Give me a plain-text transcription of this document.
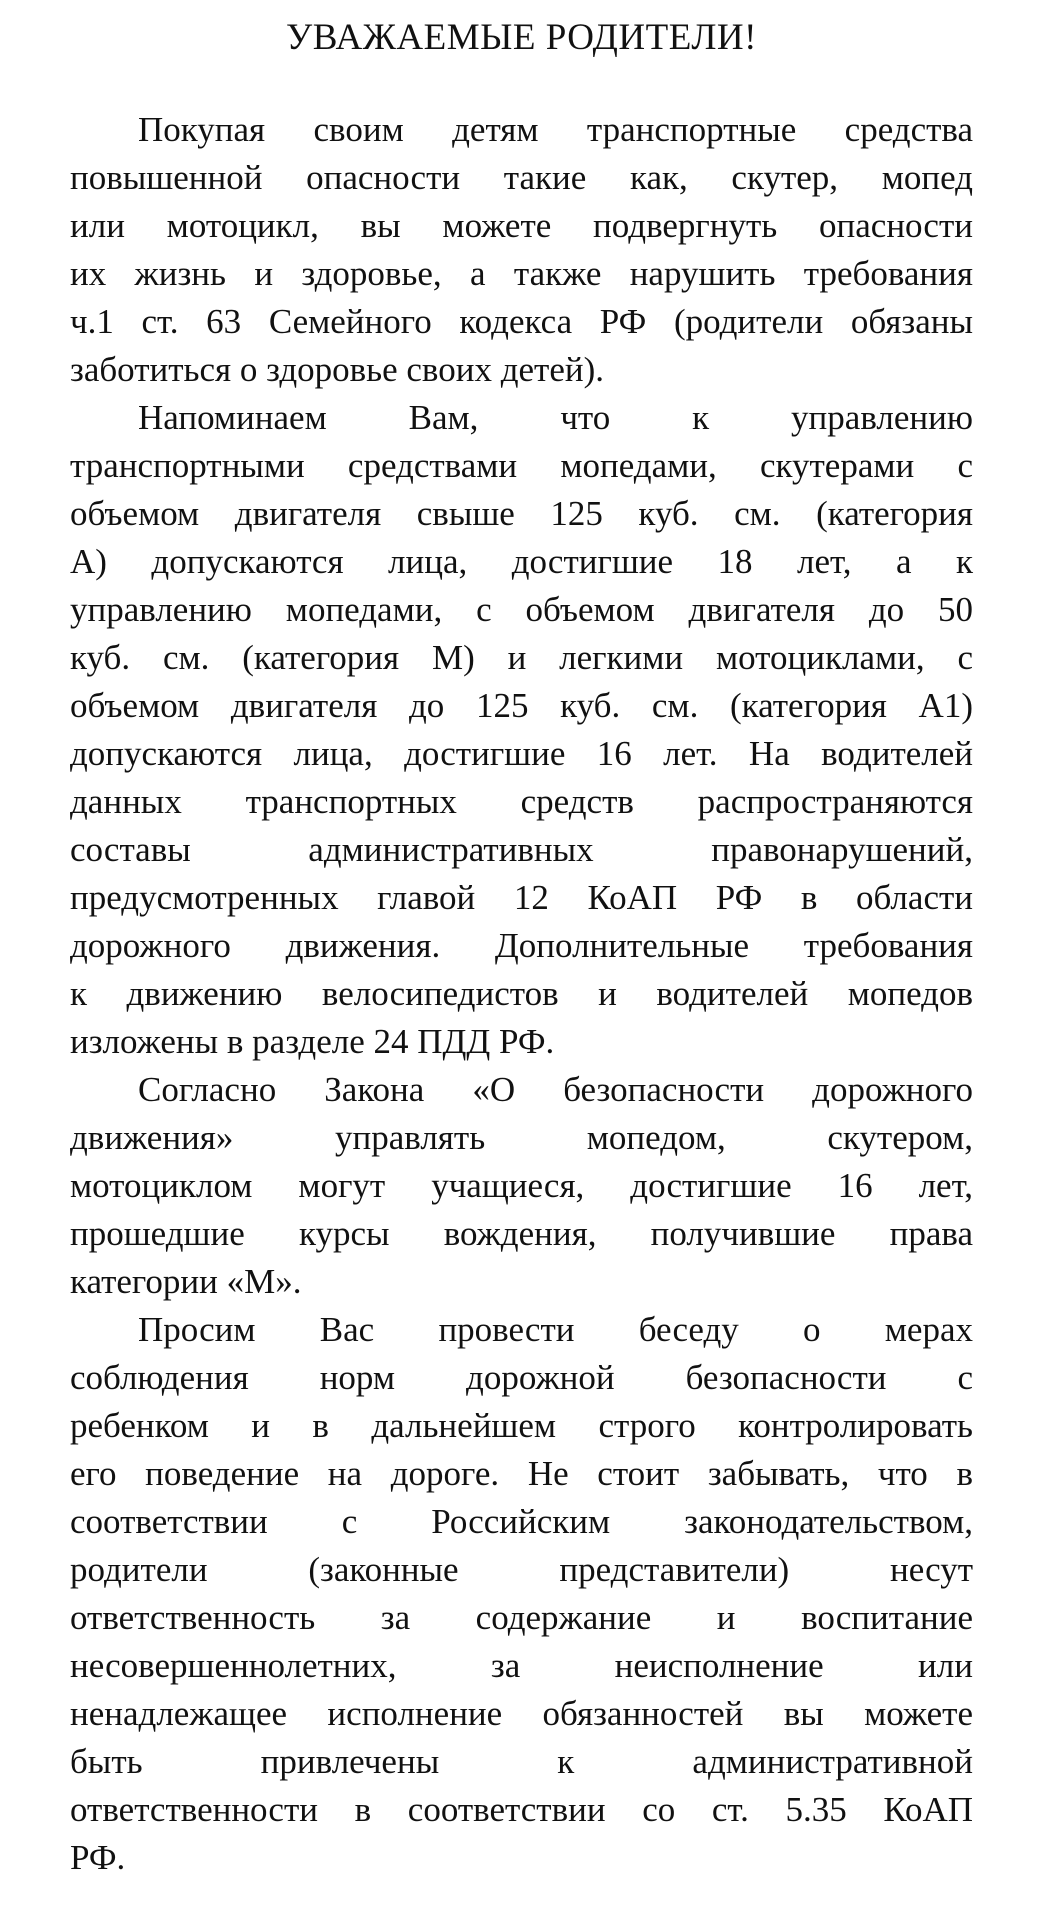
УВАЖАЕМЫЕ РОДИТЕЛИ!
Покупая своим детям транспортные средства
повышенной опасности такие как, скутер, мопед
или мотоцикл, вы можете подвергнуть опасности
их жизнь и здоровье, а также нарушить требования
ч.1 ст. 63 Семейного кодекса РФ (родители обязаны
заботиться о здоровье своих детей).
Напоминаем Вам, что к управлению
транспортными средствами мопедами, скутерами с
объемом двигателя свыше 125 куб. см. (категория
А) допускаются лица, достигшие 18 лет, а к
управлению мопедами, с объемом двигателя до 50
куб. см. (категория М) и легкими мотоциклами, с
объемом двигателя до 125 куб. см. (категория А1)
допускаются лица, достигшие 16 лет. На водителей
данных транспортных средств распространяются
составы административных правонарушений,
предусмотренных главой 12 КоАП РФ в области
дорожного движения. Дополнительные требования
к движению велосипедистов и водителей мопедов
изложены в разделе 24 ПДД РФ.
Согласно Закона «О безопасности дорожного
движения» управлять мопедом, скутером,
мотоциклом могут учащиеся, достигшие 16 лет,
прошедшие курсы вождения, получившие права
категории «М».
Просим Вас провести беседу о мерах
соблюдения норм дорожной безопасности с
ребенком и в дальнейшем строго контролировать
его поведение на дороге. Не стоит забывать, что в
соответствии с Российским законодательством,
родители (законные представители) несут
ответственность за содержание и воспитание
несовершеннолетних, за неисполнение или
ненадлежащее исполнение обязанностей вы можете
быть привлечены к административной
ответственности в соответствии со ст. 5.35 КоАП
РФ.
